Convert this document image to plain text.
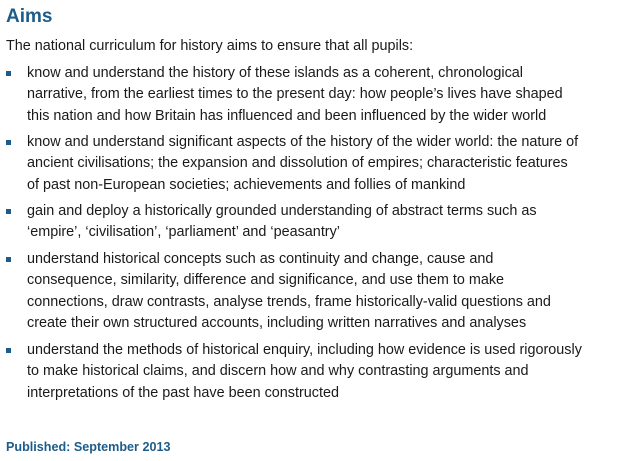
Aims

The national curriculum for history aims to ensure that all pupils:

know and understand the history of these islands as a coherent, chronological
narrative, from the earliest times to the present day: how people’s lives have shaped
this nation and how Britain has influenced and been influenced by the wider world
know and understand significant aspects of the history of the wider world: the nature of
ancient civilisations; the expansion and dissolution of empires; characteristic features
of past non-European societies; achievements and follies of mankind
gain and deploy a historically grounded understanding of abstract terms such as
‘empire’, ‘civilisation’, ‘parliament’ and ‘peasantry’
understand historical concepts such as continuity and change, cause and
consequence, similarity, difference and significance, and use them to make
connections, draw contrasts, analyse trends, frame historically-valid questions and
create their own structured accounts, including written narratives and analyses
understand the methods of historical enquiry, including how evidence is used rigorously
to make historical claims, and discern how and why contrasting arguments and
interpretations of the past have been constructed

Published: September 2013
